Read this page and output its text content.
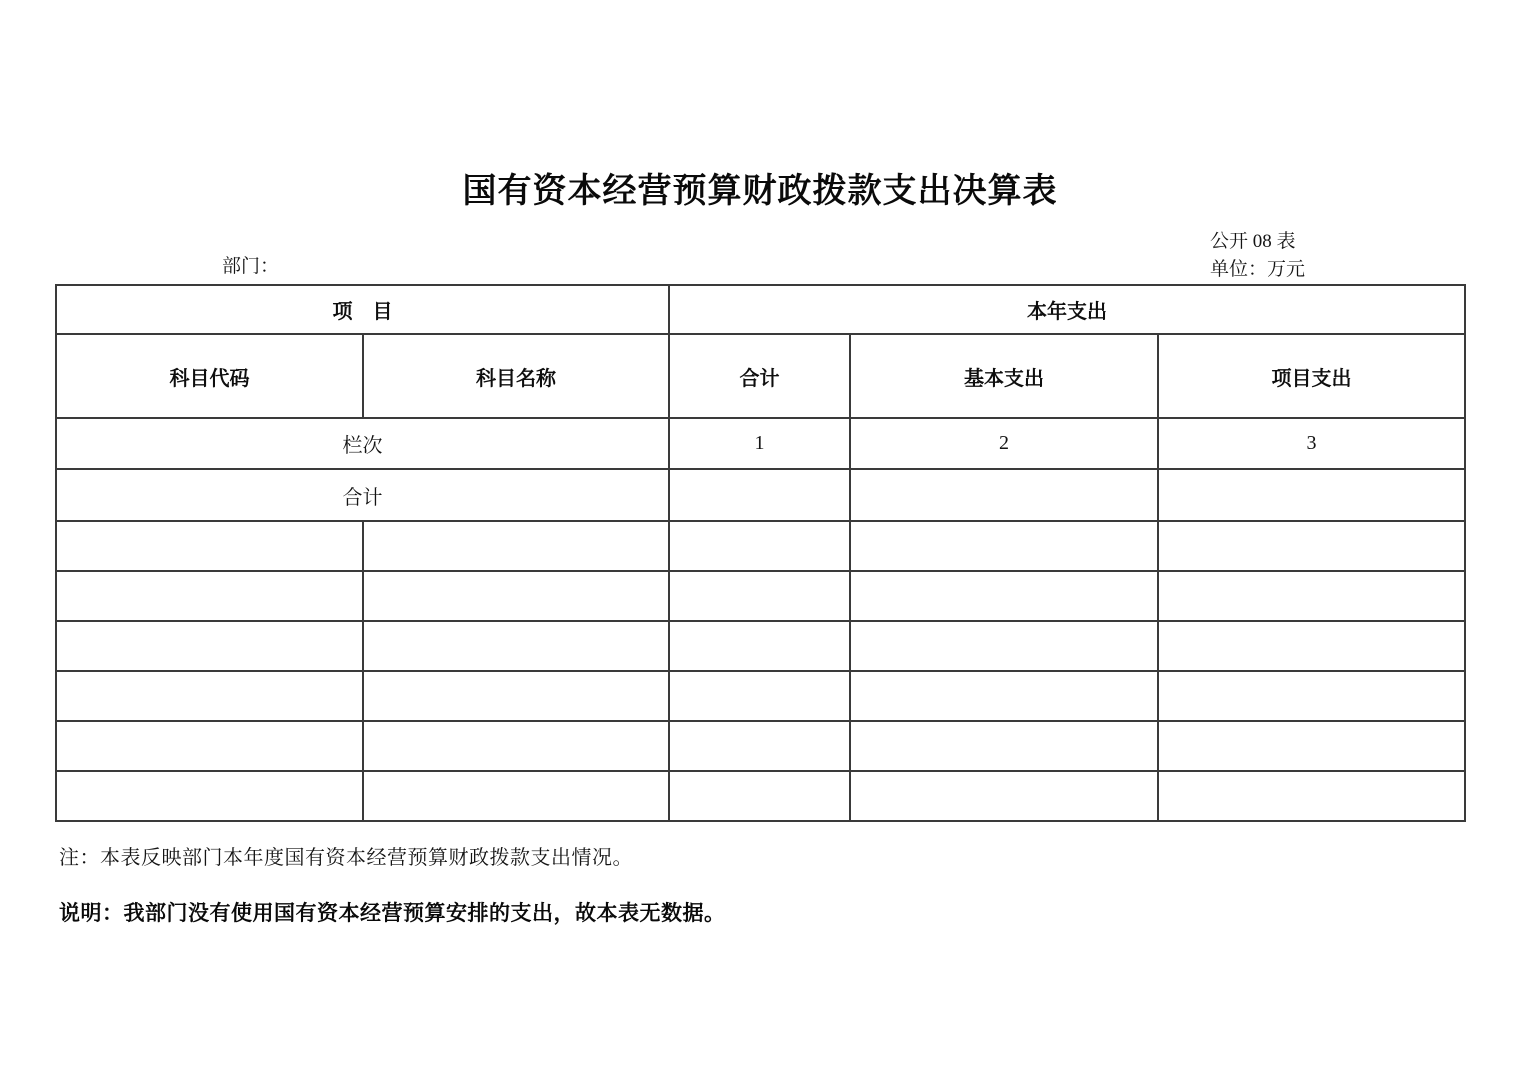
国有资本经营预算财政拨款支出决算表
部门：
公开 08 表
单位：万元
项　目		本年支出		
科目代码	科目名称	合计	基本支出	项目支出
栏次		1	2	3
合计				

注：本表反映部门本年度国有资本经营预算财政拨款支出情况。
说明：我部门没有使用国有资本经营预算安排的支出，故本表无数据。
